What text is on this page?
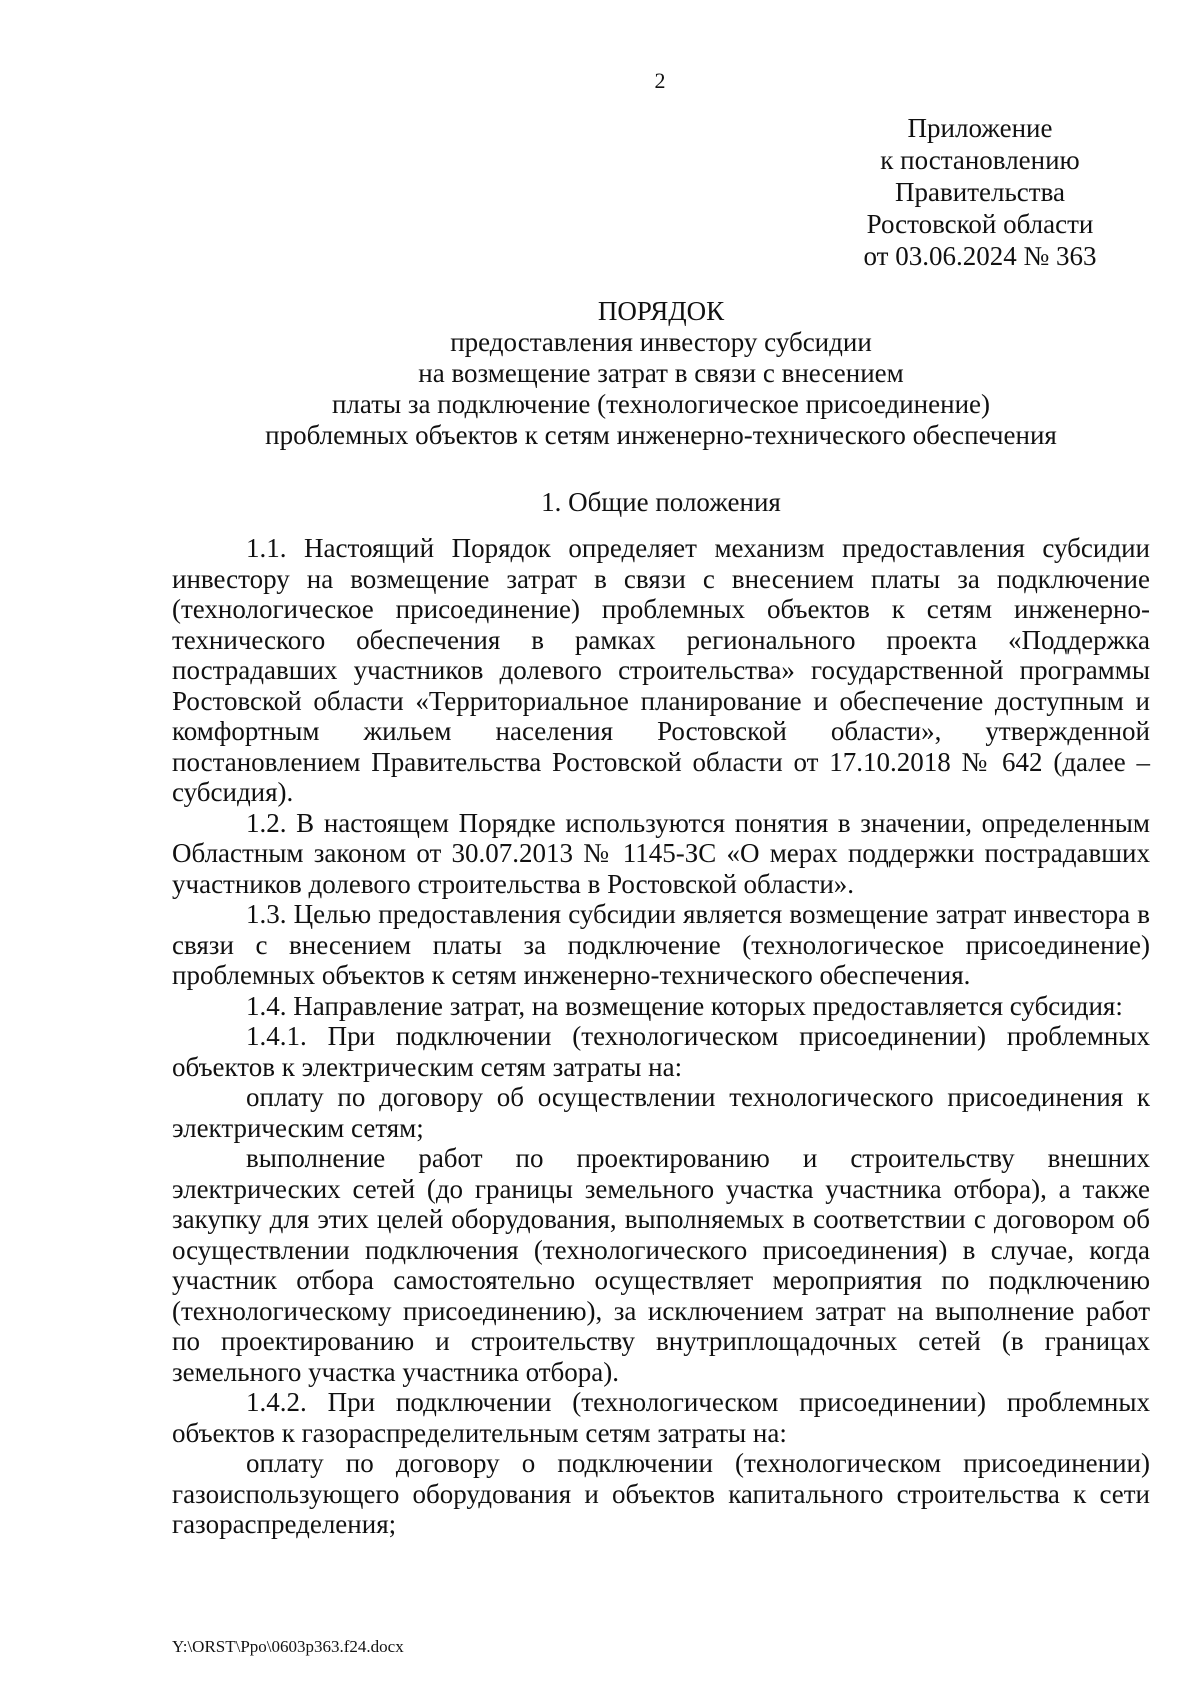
2
Приложение
к постановлению
Правительства
Ростовской области
от 03.06.2024 № 363
ПОРЯДОК
предоставления инвестору субсидии
на возмещение затрат в связи с внесением
платы за подключение (технологическое присоединение)
проблемных объектов к сетям инженерно-технического обеспечения
1. Общие положения

1.1. Настоящий Порядок определяет механизм предоставления субсидии инвестору на возмещение затрат в связи с внесением платы за подключение (технологическое присоединение) проблемных объектов к сетям инженерно-технического обеспечения в рамках регионального проекта «Поддержка пострадавших участников долевого строительства» государственной программы Ростовской области «Территориальное планирование и обеспечение доступным и комфортным жильем населения Ростовской области», утвержденной постановлением Правительства Ростовской области от 17.10.2018 № 642 (далее – субсидия).

1.2. В настоящем Порядке используются понятия в значении, определенным Областным законом от 30.07.2013 № 1145-ЗС «О мерах поддержки пострадавших участников долевого строительства в Ростовской области».

1.3. Целью предоставления субсидии является возмещение затрат инвестора в связи с внесением платы за подключение (технологическое присоединение) проблемных объектов к сетям инженерно-технического обеспечения.

1.4. Направление затрат, на возмещение которых предоставляется субсидия:

1.4.1. При подключении (технологическом присоединении) проблемных объектов к электрическим сетям затраты на:

оплату по договору об осуществлении технологического присоединения к электрическим сетям;

выполнение работ по проектированию и строительству внешних электрических сетей (до границы земельного участка участника отбора), а также закупку для этих целей оборудования, выполняемых в соответствии с договором об осуществлении подключения (технологического присоединения) в случае, когда участник отбора самостоятельно осуществляет мероприятия по подключению (технологическому присоединению), за исключением затрат на выполнение работ по проектированию и строительству внутриплощадочных сетей (в границах земельного участка участника отбора).

1.4.2. При подключении (технологическом присоединении) проблемных объектов к газораспределительным сетям затраты на:

оплату по договору о подключении (технологическом присоединении) газоиспользующего оборудования и объектов капитального строительства к сети газораспределения;

Y:\ORST\Ppo\0603p363.f24.docx
